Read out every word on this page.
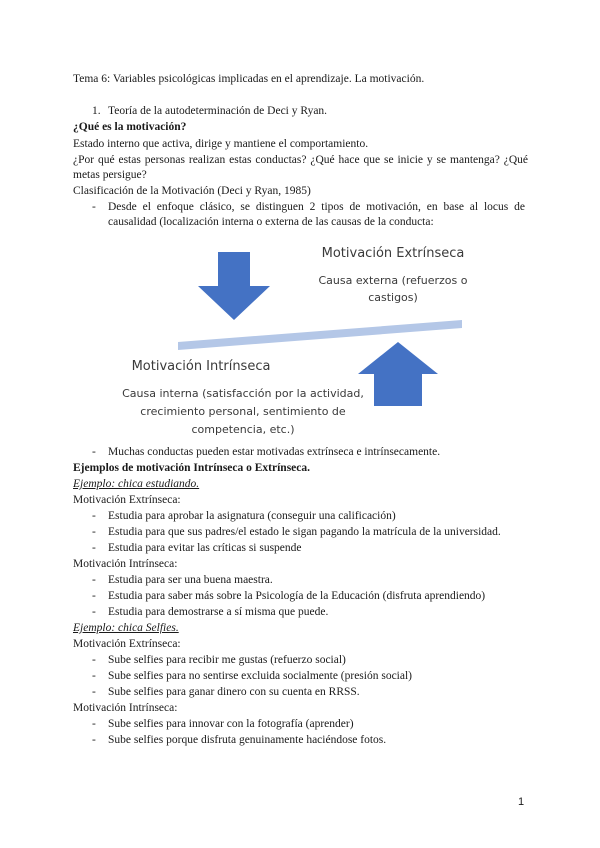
Tema 6: Variables psicológicas implicadas en el aprendizaje. La motivación.
1. Teoría de la autodeterminación de Deci y Ryan.
¿Qué es la motivación?
Estado interno que activa, dirige y mantiene el comportamiento.
¿Por qué estas personas realizan estas conductas? ¿Qué hace que se inicie y se mantenga? ¿Qué metas persigue?
Clasificación de la Motivación (Deci y Ryan, 1985)
- Desde el enfoque clásico, se distinguen 2 tipos de motivación, en base al locus de causalidad (localización interna o externa de las causas de la conducta:
Motivación Extrínseca
Causa externa (refuerzos o
castigos)
Motivación Intrínseca
Causa interna (satisfacción por la actividad,
crecimiento personal, sentimiento de
competencia, etc.)
- Muchas conductas pueden estar motivadas extrínseca e intrínsecamente.
Ejemplos de motivación Intrínseca o Extrínseca.
Ejemplo: chica estudiando.
Motivación Extrínseca:
- Estudia para aprobar la asignatura (conseguir una calificación)
- Estudia para que sus padres/el estado le sigan pagando la matrícula de la universidad.
- Estudia para evitar las críticas si suspende
Motivación Intrínseca:
- Estudia para ser una buena maestra.
- Estudia para saber más sobre la Psicología de la Educación (disfruta aprendiendo)
- Estudia para demostrarse a sí misma que puede.
Ejemplo: chica Selfies.
Motivación Extrínseca:
- Sube selfies para recibir me gustas (refuerzo social)
- Sube selfies para no sentirse excluida socialmente (presión social)
- Sube selfies para ganar dinero con su cuenta en RRSS.
Motivación Intrínseca:
- Sube selfies para innovar con la fotografía (aprender)
- Sube selfies porque disfruta genuinamente haciéndose fotos.
1
